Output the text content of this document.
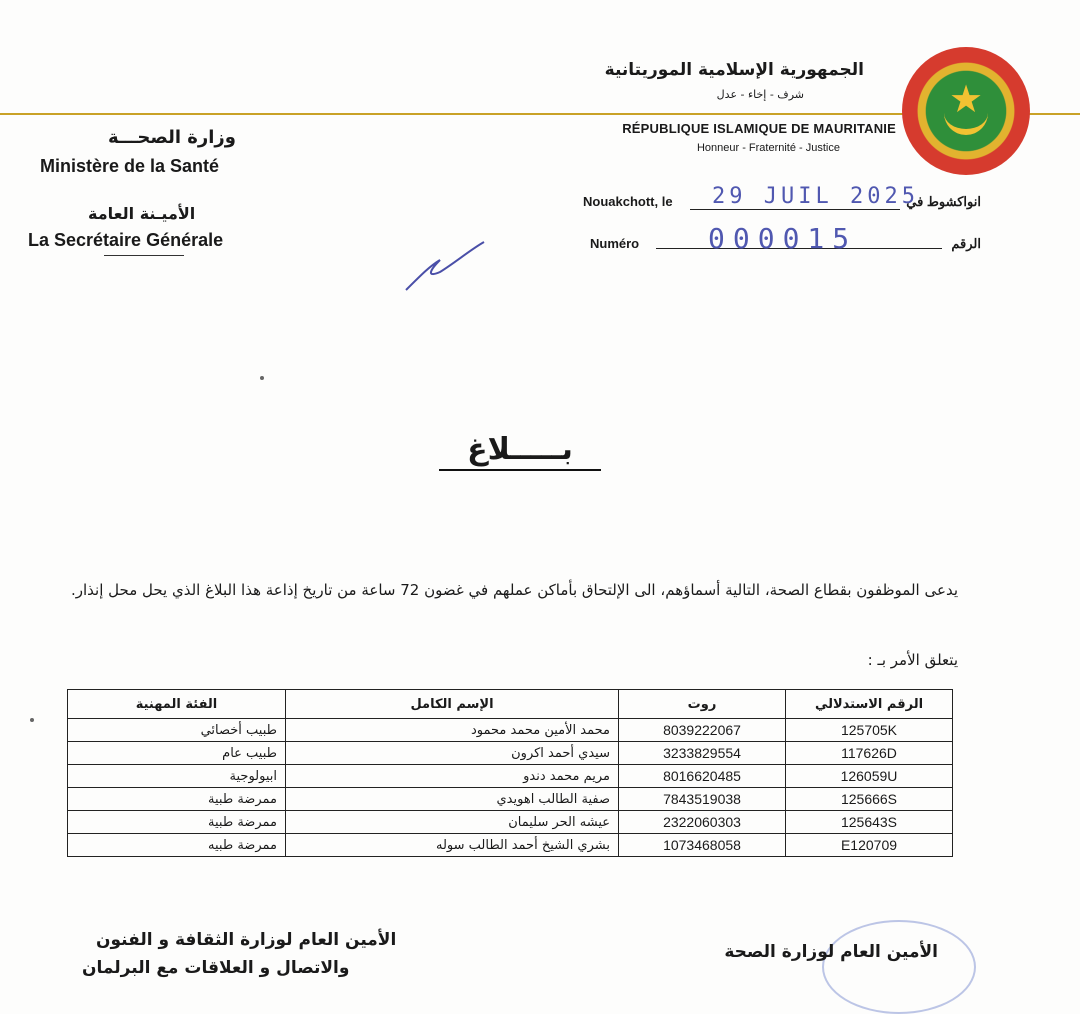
★
الجمهورية الإسلامية الموريتانية
شرف - إخاء - عدل
RÉPUBLIQUE ISLAMIQUE DE MAURITANIE
Honneur - Fraternité - Justice
وزارة الصحـــة
Ministère de la Santé
الأميـنة العامة
La Secrétaire Générale
Nouakchott, le 29 JUIL 2025
انواكشوط في
Numéro 000015	الرقم
بـــــلاغ
يدعى الموظفون بقطاع الصحة، التالية أسماؤهم، الى الإلتحاق بأماكن عملهم في غضون 72 ساعة من تاريخ إذاعة هذا البلاغ الذي يحل محل إنذار.
يتعلق الأمر بـ :
الرقم الاستدلالي	روت	الإسم الكامل	الفئة المهنية
125705K	8039222067	محمد الأمين محمد محمود	طبيب أخصائي
117626D	3233829554	سيدي أحمد اكرون	طبيب عام
126059U	8016620485	مريم محمد دندو	ابيولوجية
125666S	7843519038	صفية الطالب اهويدي	ممرضة طبية
125643S	2322060303	عيشه الحر سليمان	ممرضة طبية
E120709	1073468058	بشري الشيخ أحمد الطالب سوله	ممرضة طبيه
الأمين العام لوزارة الثقافة و الفنون
والاتصال و العلاقات مع البرلمان
الأمين العام لوزارة الصحة
